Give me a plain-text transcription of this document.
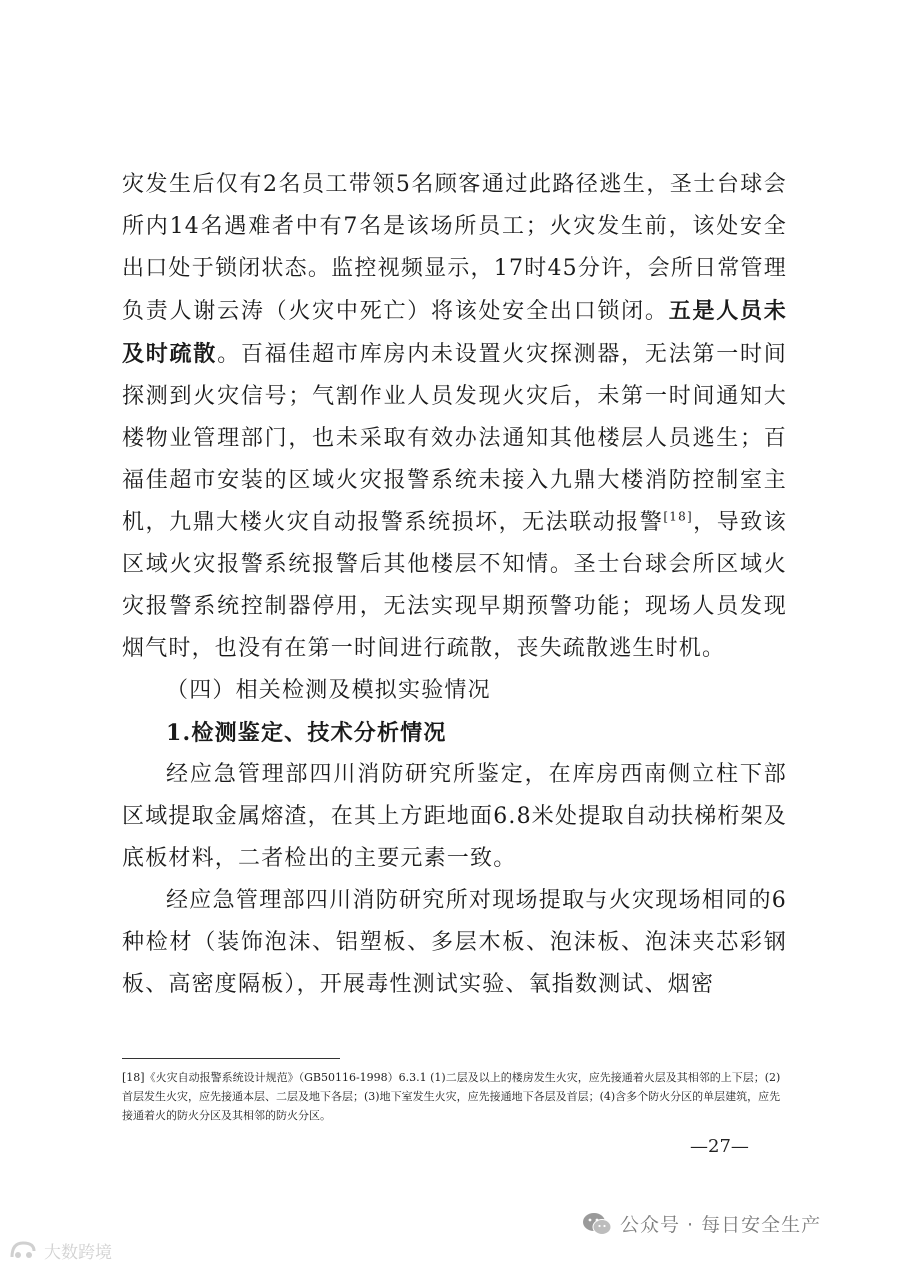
灾发生后仅有2名员工带领5名顾客通过此路径逃生，圣士台球会所内14名遇难者中有7名是该场所员工；火灾发生前，该处安全出口处于锁闭状态。监控视频显示，17时45分许，会所日常管理负责人谢云涛（火灾中死亡）将该处安全出口锁闭。五是人员未及时疏散。百福佳超市库房内未设置火灾探测器，无法第一时间探测到火灾信号；气割作业人员发现火灾后，未第一时间通知大楼物业管理部门，也未采取有效办法通知其他楼层人员逃生；百福佳超市安装的区域火灾报警系统未接入九鼎大楼消防控制室主机，九鼎大楼火灾自动报警系统损坏，无法联动报警[18]，导致该区域火灾报警系统报警后其他楼层不知情。圣士台球会所区域火灾报警系统控制器停用，无法实现早期预警功能；现场人员发现烟气时，也没有在第一时间进行疏散，丧失疏散逃生时机。

（四）相关检测及模拟实验情况

1.检测鉴定、技术分析情况

经应急管理部四川消防研究所鉴定，在库房西南侧立柱下部区域提取金属熔渣，在其上方距地面6.8米处提取自动扶梯桁架及底板材料，二者检出的主要元素一致。

经应急管理部四川消防研究所对现场提取与火灾现场相同的6种检材（装饰泡沫、铝塑板、多层木板、泡沫板、泡沫夹芯彩钢板、高密度隔板），开展毒性测试实验、氧指数测试、烟密

[18]《火灾自动报警系统设计规范》（GB50116-1998）6.3.1 (1)二层及以上的楼房发生火灾，应先接通着火层及其相邻的上下层；(2)首层发生火灾，应先接通本层、二层及地下各层；(3)地下室发生火灾，应先接通地下各层及首层；(4)含多个防火分区的单层建筑，应先接通着火的防火分区及其相邻的防火分区。

—27—
公众号 · 每日安全生产
大数跨境
